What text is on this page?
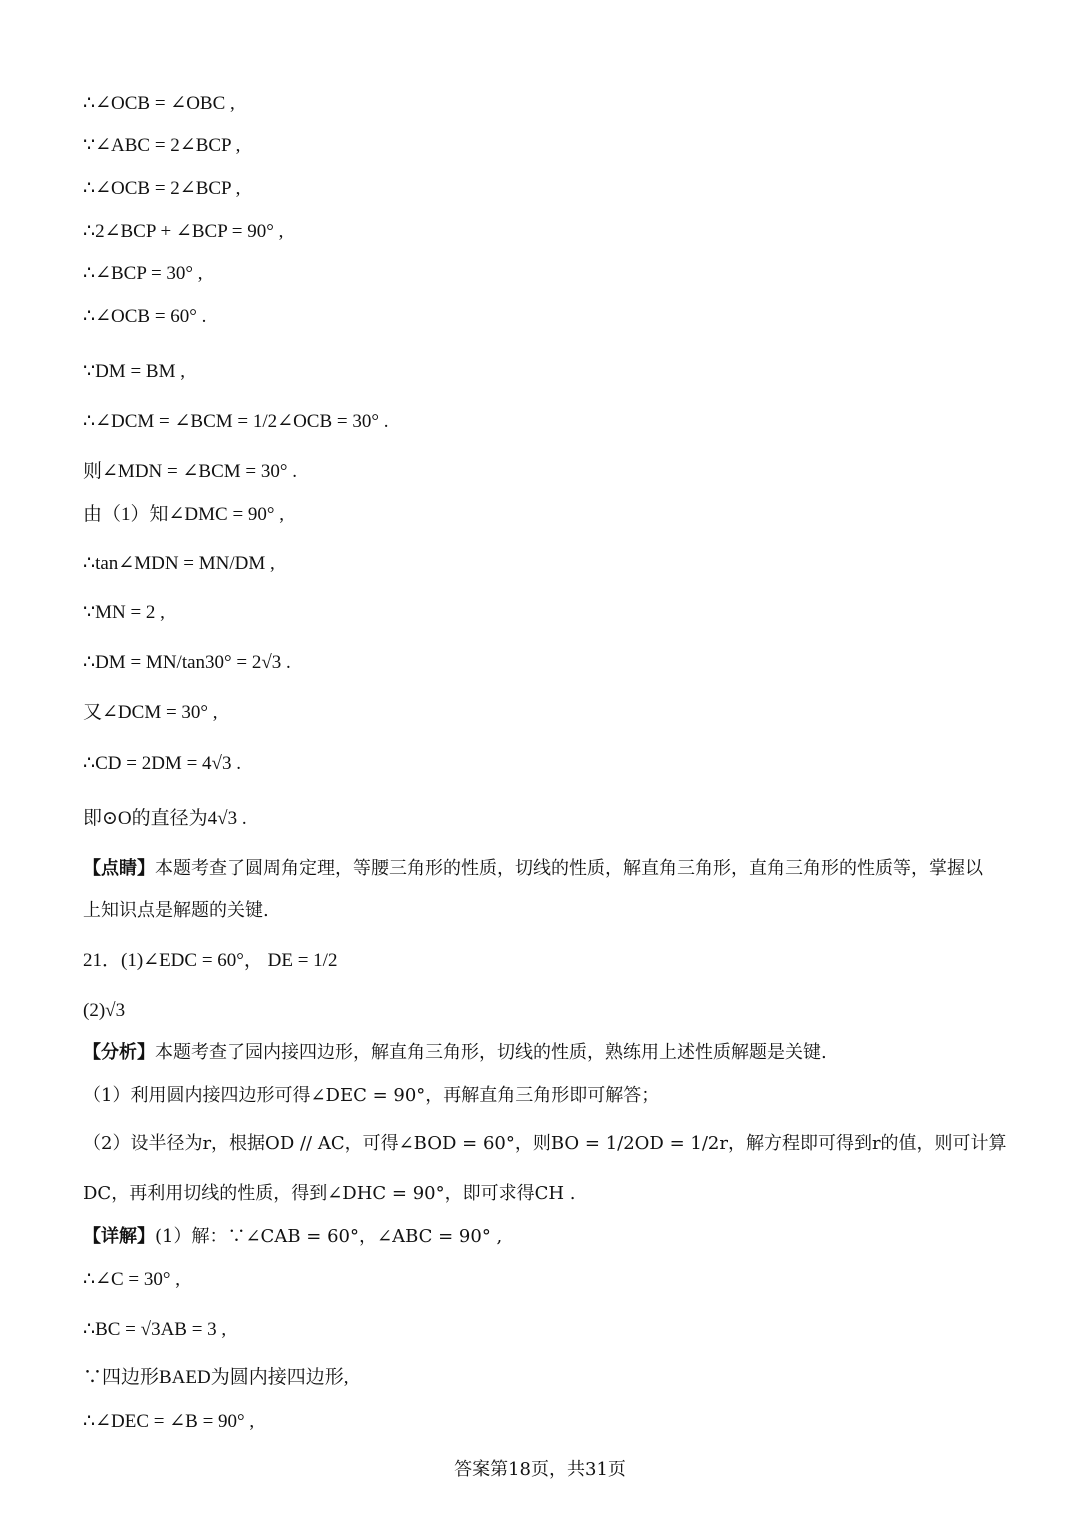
∴∠OCB = ∠OBC ,
∵∠ABC = 2∠BCP ,
∴∠OCB = 2∠BCP ,
∴2∠BCP + ∠BCP = 90° ,
∴∠BCP = 30° ,
∴∠OCB = 60° .
∵DM = BM ,
∴∠DCM = ∠BCM = 1/2∠OCB = 30° .
则∠MDN = ∠BCM = 30° .
由（1）知∠DMC = 90° ,
∴tan∠MDN = MN/DM ,
∵MN = 2 ,
∴DM = MN/tan30° = 2√3 .
又∠DCM = 30° ,
∴CD = 2DM = 4√3 .
即⊙O的直径为4√3 .
【点睛】本题考查了圆周角定理，等腰三角形的性质，切线的性质，解直角三角形，直角三角形的性质等，掌握以上知识点是解题的关键.
21．(1)∠EDC = 60°， DE = 1/2
(2)√3
【分析】本题考查了园内接四边形，解直角三角形，切线的性质，熟练用上述性质解题是关键.
（1）利用圆内接四边形可得∠DEC = 90°，再解直角三角形即可解答；
（2）设半径为r，根据OD // AC，可得∠BOD = 60°，则BO = 1/2OD = 1/2r，解方程即可得到r的值，则可计算
DC，再利用切线的性质，得到∠DHC = 90°，即可求得CH .
【详解】(1）解：∵∠CAB = 60°，∠ABC = 90° ,
∴∠C = 30° ,
∴BC = √3AB = 3 ,
∵四边形BAED为圆内接四边形,
∴∠DEC = ∠B = 90° ,
答案第18页，共31页
